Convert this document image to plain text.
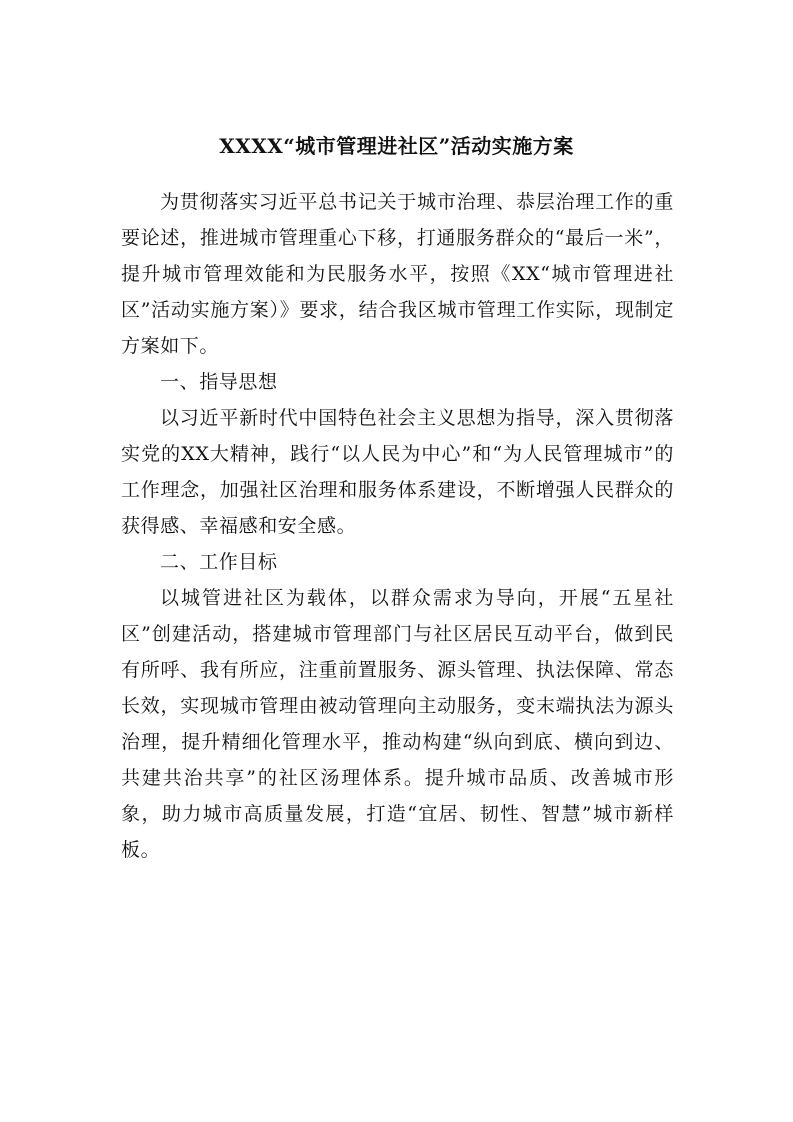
XXXX“城市管理进社区”活动实施方案

为贯彻落实习近平总书记关于城市治理、恭层治理工作的重要论述，推进城市管理重心下移，打通服务群众的“最后一米”，提升城市管理效能和为民服务水平，按照《XX“城市管理进社区”活动实施方案）》要求，结合我区城市管理工作实际，现制定方案如下。

一、指导思想

以习近平新时代中国特色社会主义思想为指导，深入贯彻落实党的XX大精神，践行“以人民为中心”和“为人民管理城市”的工作理念，加强社区治理和服务体系建设，不断增强人民群众的获得感、幸福感和安全感。

二、工作目标

以城管进社区为载体，以群众需求为导向，开展“五星社区”创建活动，搭建城市管理部门与社区居民互动平台，做到民有所呼、我有所应，注重前置服务、源头管理、执法保障、常态长效，实现城市管理由被动管理向主动服务，变末端执法为源头治理，提升精细化管理水平，推动构建“纵向到底、横向到边、共建共治共享”的社区汤理体系。提升城市品质、改善城市形象，助力城市高质量发展，打造“宜居、韧性、智慧”城市新样板。
